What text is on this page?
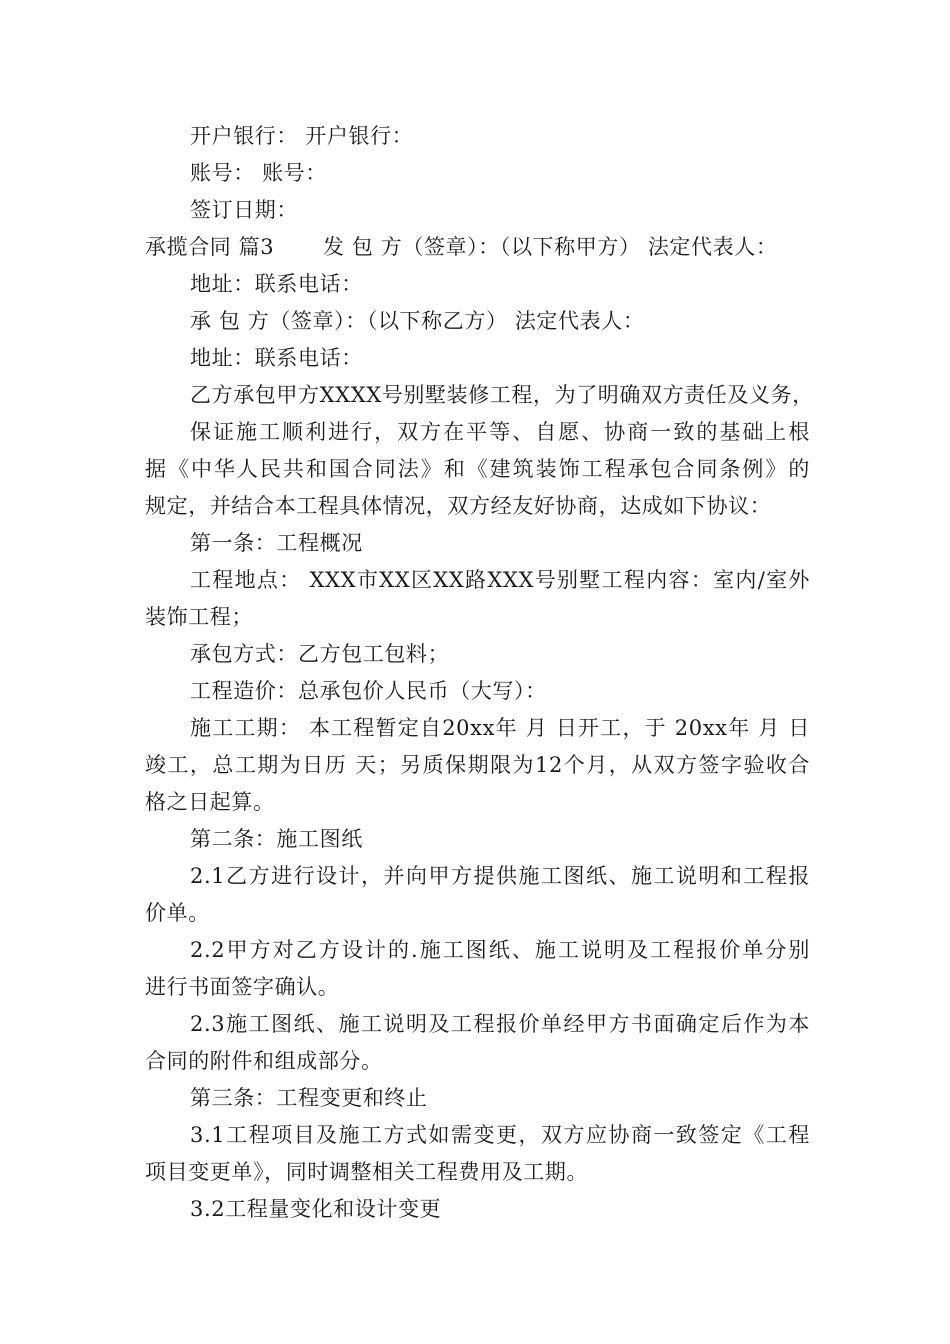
开户银行： 开户银行：
账号： 账号：
签订日期：
承揽合同 篇3 发 包 方（签章）：（以下称甲方） 法定代表人：
地址：联系电话：
承 包 方（签章）：（以下称乙方） 法定代表人：
地址：联系电话：
乙方承包甲方XXXX号别墅装修工程，为了明确双方责任及义务，
保证施工顺利进行，双方在平等、自愿、协商一致的基础上根
据《中华人民共和国合同法》和《建筑装饰工程承包合同条例》的
规定，并结合本工程具体情况，双方经友好协商，达成如下协议：
第一条：工程概况
工程地点： XXX市XX区XX路XXX号别墅工程内容：室内/室外
装饰工程；
承包方式：乙方包工包料；
工程造价：总承包价人民币（大写）：
施工工期： 本工程暂定自20xx年 月 日开工，于 20xx年 月 日
竣工，总工期为日历 天；另质保期限为12个月，从双方签字验收合
格之日起算。
第二条：施工图纸
2.1乙方进行设计，并向甲方提供施工图纸、施工说明和工程报
价单。
2.2甲方对乙方设计的.施工图纸、施工说明及工程报价单分别
进行书面签字确认。
2.3施工图纸、施工说明及工程报价单经甲方书面确定后作为本
合同的附件和组成部分。
第三条：工程变更和终止
3.1工程项目及施工方式如需变更，双方应协商一致签定《工程
项目变更单》，同时调整相关工程费用及工期。
3.2工程量变化和设计变更
